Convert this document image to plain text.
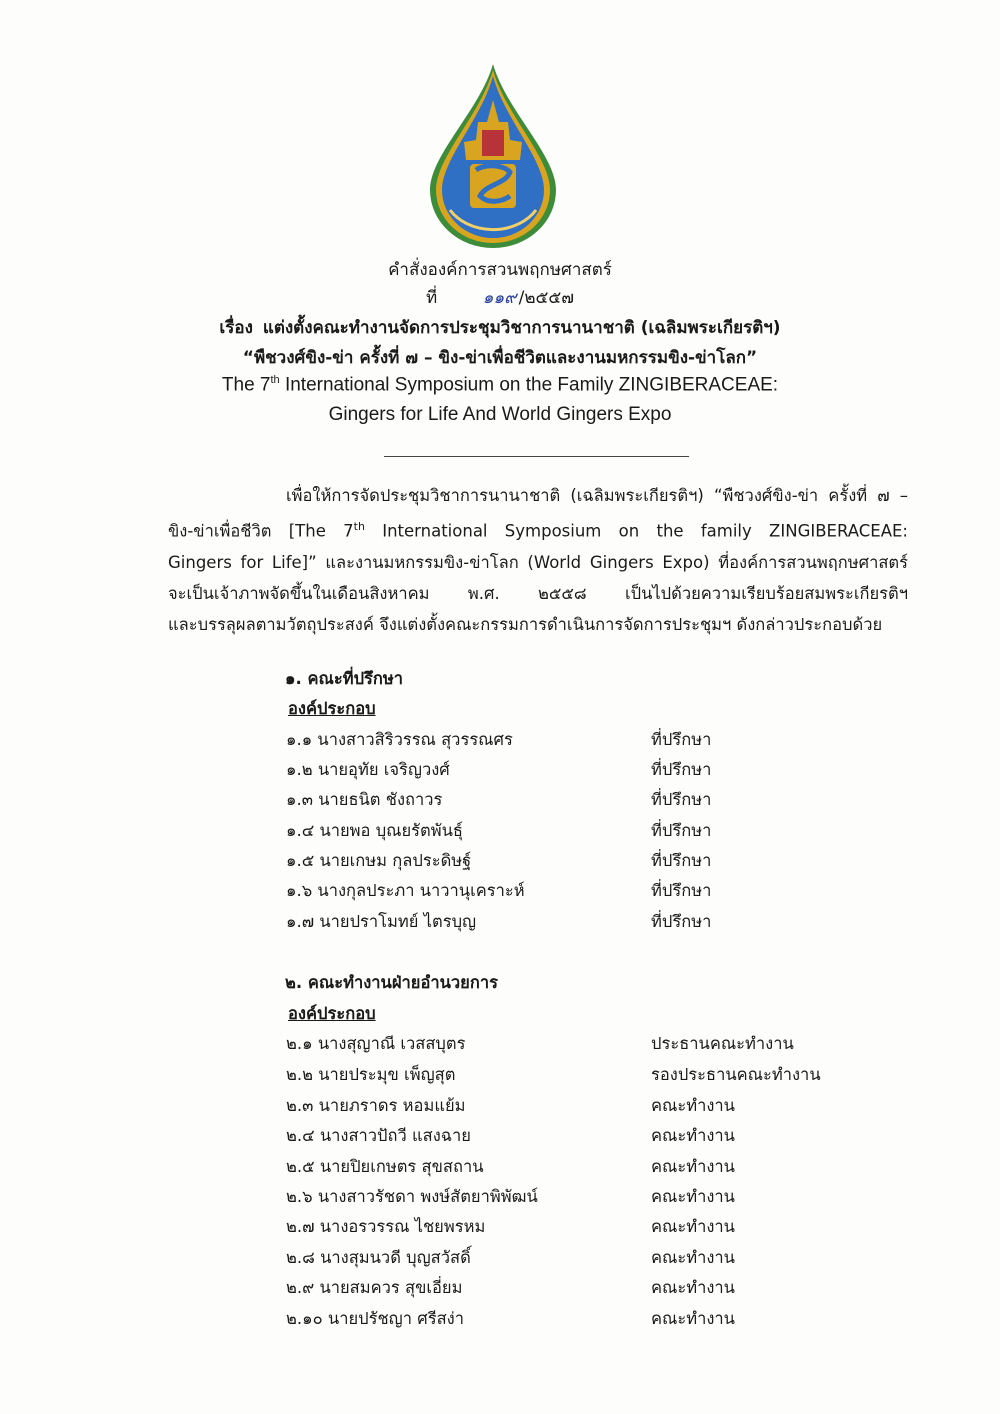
คำสั่งองค์การสวนพฤกษศาสตร์
ที่	๑๑๙ /๒๕๕๗
เรื่อง แต่งตั้งคณะทำงานจัดการประชุมวิชาการนานาชาติ (เฉลิมพระเกียรติฯ)
“พืชวงศ์ขิง-ข่า ครั้งที่ ๗ – ขิง-ข่าเพื่อชีวิตและงานมหกรรมขิง-ข่าโลก”
The 7th International Symposium on the Family ZINGIBERACEAE:
Gingers for Life And World Gingers Expo
เพื่อให้การจัดประชุมวิชาการนานาชาติ (เฉลิมพระเกียรติฯ) “พืชวงศ์ขิง-ข่า ครั้งที่ ๗ –
ขิง-ข่าเพื่อชีวิต [The 7th International Symposium on the family ZINGIBERACEAE:
Gingers for Life]” และงานมหกรรมขิง-ข่าโลก (World Gingers Expo) ที่องค์การสวนพฤกษศาสตร์
จะเป็นเจ้าภาพจัดขึ้นในเดือนสิงหาคม พ.ศ. ๒๕๕๘ เป็นไปด้วยความเรียบร้อยสมพระเกียรติฯ
และบรรลุผลตามวัตถุประสงค์ จึงแต่งตั้งคณะกรรมการดำเนินการจัดการประชุมฯ ดังกล่าวประกอบด้วย
๑. คณะที่ปรึกษา
องค์ประกอบ
๑.๑ นางสาวสิริวรรณ สุวรรณศร	ที่ปรึกษา
๑.๒ นายอุทัย เจริญวงศ์	ที่ปรึกษา
๑.๓ นายธนิต ชังถาวร	ที่ปรึกษา
๑.๔ นายพอ บุณยรัตพันธุ์	ที่ปรึกษา
๑.๕ นายเกษม กุลประดิษฐ์	ที่ปรึกษา
๑.๖ นางกุลประภา นาวานุเคราะห์	ที่ปรึกษา
๑.๗ นายปราโมทย์ ไตรบุญ	ที่ปรึกษา
๒. คณะทำงานฝ่ายอำนวยการ
องค์ประกอบ
๒.๑ นางสุญาณี เวสสบุตร	ประธานคณะทำงาน
๒.๒ นายประมุข เพ็ญสุต	รองประธานคณะทำงาน
๒.๓ นายภราดร หอมแย้ม	คณะทำงาน
๒.๔ นางสาวปัถวี แสงฉาย	คณะทำงาน
๒.๕ นายปิยเกษตร สุขสถาน	คณะทำงาน
๒.๖ นางสาวรัชดา พงษ์สัตยาพิพัฒน์	คณะทำงาน
๒.๗ นางอรวรรณ ไชยพรหม	คณะทำงาน
๒.๘ นางสุมนวดี บุญสวัสดิ์	คณะทำงาน
๒.๙ นายสมควร สุขเอี่ยม	คณะทำงาน
๒.๑๐ นายปรัชญา ศรีสง่า	คณะทำงาน
